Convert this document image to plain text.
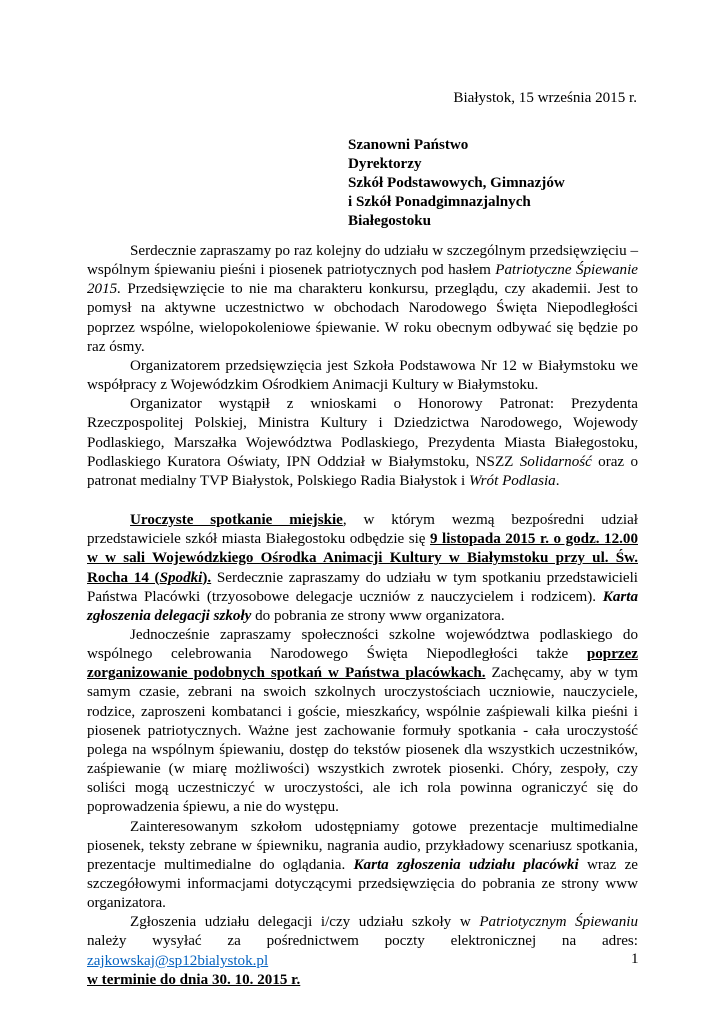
Białystok, 15 września 2015 r.
Szanowni Państwo
Dyrektorzy
Szkół Podstawowych, Gimnazjów
i Szkół Ponadgimnazjalnych
Białegostoku

Serdecznie zapraszamy po raz kolejny do udziału w szczególnym przedsięwzięciu – wspólnym śpiewaniu pieśni i piosenek patriotycznych pod hasłem Patriotyczne Śpiewanie 2015. Przedsięwzięcie to nie ma charakteru konkursu, przeglądu, czy akademii. Jest to pomysł na aktywne uczestnictwo w obchodach Narodowego Święta Niepodległości poprzez wspólne, wielopokoleniowe śpiewanie. W roku obecnym odbywać się będzie po raz ósmy.

Organizatorem przedsięwzięcia jest Szkoła Podstawowa Nr 12 w Białymstoku we współpracy z Wojewódzkim Ośrodkiem Animacji Kultury w Białymstoku.

Organizator wystąpił z wnioskami o Honorowy Patronat: Prezydenta Rzeczpospolitej Polskiej, Ministra Kultury i Dziedzictwa Narodowego, Wojewody Podlaskiego, Marszałka Województwa Podlaskiego, Prezydenta Miasta Białegostoku, Podlaskiego Kuratora Oświaty, IPN Oddział w Białymstoku, NSZZ Solidarność oraz o patronat medialny TVP Białystok, Polskiego Radia Białystok i Wrót Podlasia.

Uroczyste spotkanie miejskie, w którym wezmą bezpośredni udział przedstawiciele szkół miasta Białegostoku odbędzie się 9 listopada 2015 r. o godz. 12.00 w w sali Wojewódzkiego Ośrodka Animacji Kultury w Białymstoku przy ul. Św. Rocha 14 (Spodki). Serdecznie zapraszamy do udziału w tym spotkaniu przedstawicieli Państwa Placówki (trzyosobowe delegacje uczniów z nauczycielem i rodzicem). Karta zgłoszenia delegacji szkoły do pobrania ze strony www organizatora.

Jednocześnie zapraszamy społeczności szkolne województwa podlaskiego do wspólnego celebrowania Narodowego Święta Niepodległości także poprzez zorganizowanie podobnych spotkań w Państwa placówkach. Zachęcamy, aby w tym samym czasie, zebrani na swoich szkolnych uroczystościach uczniowie, nauczyciele, rodzice, zaproszeni kombatanci i goście, mieszkańcy, wspólnie zaśpiewali kilka pieśni i piosenek patriotycznych. Ważne jest zachowanie formuły spotkania - cała uroczystość polega na wspólnym śpiewaniu, dostęp do tekstów piosenek dla wszystkich uczestników, zaśpiewanie (w miarę możliwości) wszystkich zwrotek piosenki. Chóry, zespoły, czy soliści mogą uczestniczyć w uroczystości, ale ich rola powinna ograniczyć się do poprowadzenia śpiewu, a nie do występu.

Zainteresowanym szkołom udostępniamy gotowe prezentacje multimedialne piosenek, teksty zebrane w śpiewniku, nagrania audio, przykładowy scenariusz spotkania, prezentacje multimedialne do oglądania. Karta zgłoszenia udziału placówki wraz ze szczegółowymi informacjami dotyczącymi przedsięwzięcia do pobrania ze strony www organizatora.

Zgłoszenia udziału delegacji i/czy udziału szkoły w Patriotycznym Śpiewaniu należy wysyłać za pośrednictwem poczty elektronicznej na adres: zajkowskaj@sp12bialystok.pl

w terminie do dnia 30. 10. 2015 r.

1
